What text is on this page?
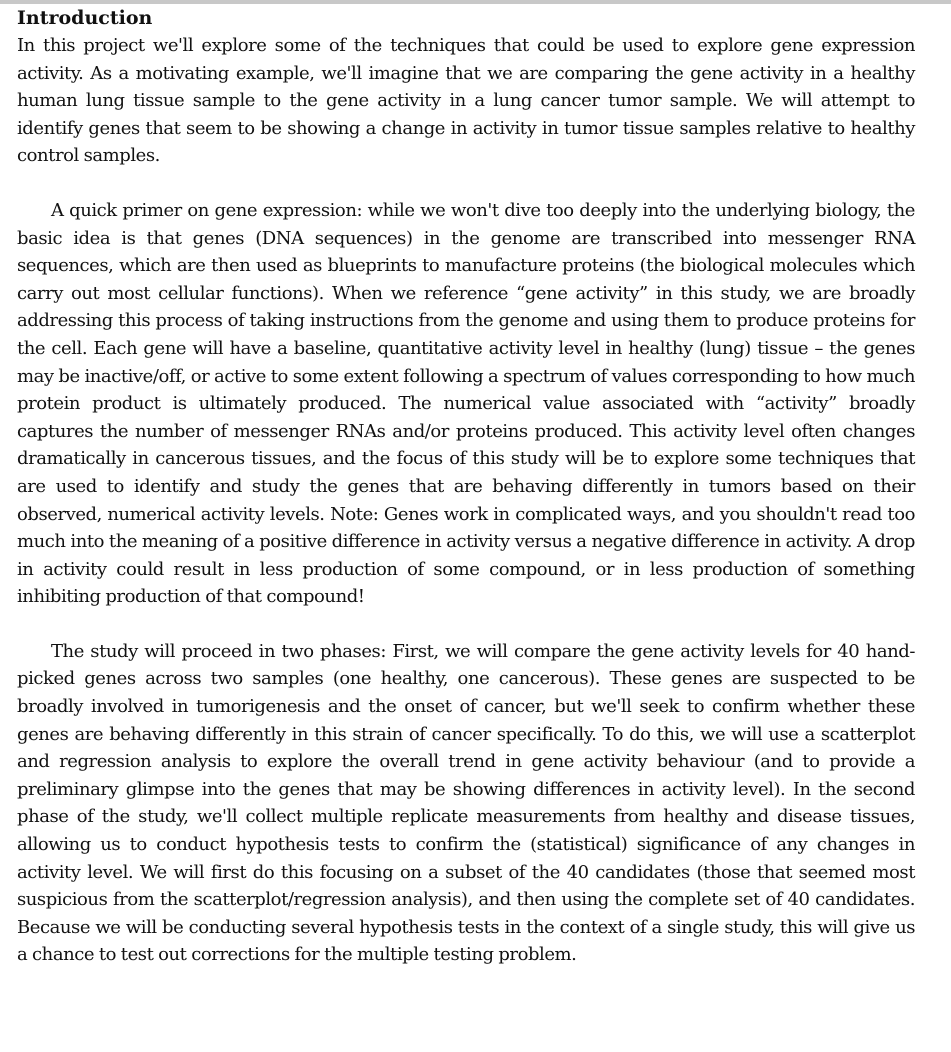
Introduction

In this project we'll explore some of the techniques that could be used to explore gene expression activity. As a motivating example, we'll imagine that we are comparing the gene activity in a healthy human lung tissue sample to the gene activity in a lung cancer tumor sample. We will attempt to identify genes that seem to be showing a change in activity in tumor tissue samples relative to healthy control samples.

A quick primer on gene expression: while we won't dive too deeply into the underlying biology, the basic idea is that genes (DNA sequences) in the genome are transcribed into messenger RNA sequences, which are then used as blueprints to manufacture proteins (the biological molecules which carry out most cellular functions). When we reference “gene activity” in this study, we are broadly addressing this process of taking instructions from the genome and using them to produce proteins for the cell. Each gene will have a baseline, quantitative activity level in healthy (lung) tissue – the genes may be inactive/off, or active to some extent following a spectrum of values corresponding to how much protein product is ultimately produced. The numerical value associated with “activity” broadly captures the number of messenger RNAs and/or proteins produced. This activity level often changes dramatically in cancerous tissues, and the focus of this study will be to explore some techniques that are used to identify and study the genes that are behaving differently in tumors based on their observed, numerical activity levels. Note: Genes work in complicated ways, and you shouldn't read too much into the meaning of a positive difference in activity versus a negative difference in activity. A drop in activity could result in less production of some compound, or in less production of something inhibiting production of that compound!

The study will proceed in two phases: First, we will compare the gene activity levels for 40 hand-picked genes across two samples (one healthy, one cancerous). These genes are suspected to be broadly involved in tumorigenesis and the onset of cancer, but we'll seek to confirm whether these genes are behaving differently in this strain of cancer specifically. To do this, we will use a scatterplot and regression analysis to explore the overall trend in gene activity behaviour (and to provide a preliminary glimpse into the genes that may be showing differences in activity level). In the second phase of the study, we'll collect multiple replicate measurements from healthy and disease tissues, allowing us to conduct hypothesis tests to confirm the (statistical) significance of any changes in activity level. We will first do this focusing on a subset of the 40 candidates (those that seemed most suspicious from the scatterplot/regression analysis), and then using the complete set of 40 candidates. Because we will be conducting several hypothesis tests in the context of a single study, this will give us a chance to test out corrections for the multiple testing problem.
